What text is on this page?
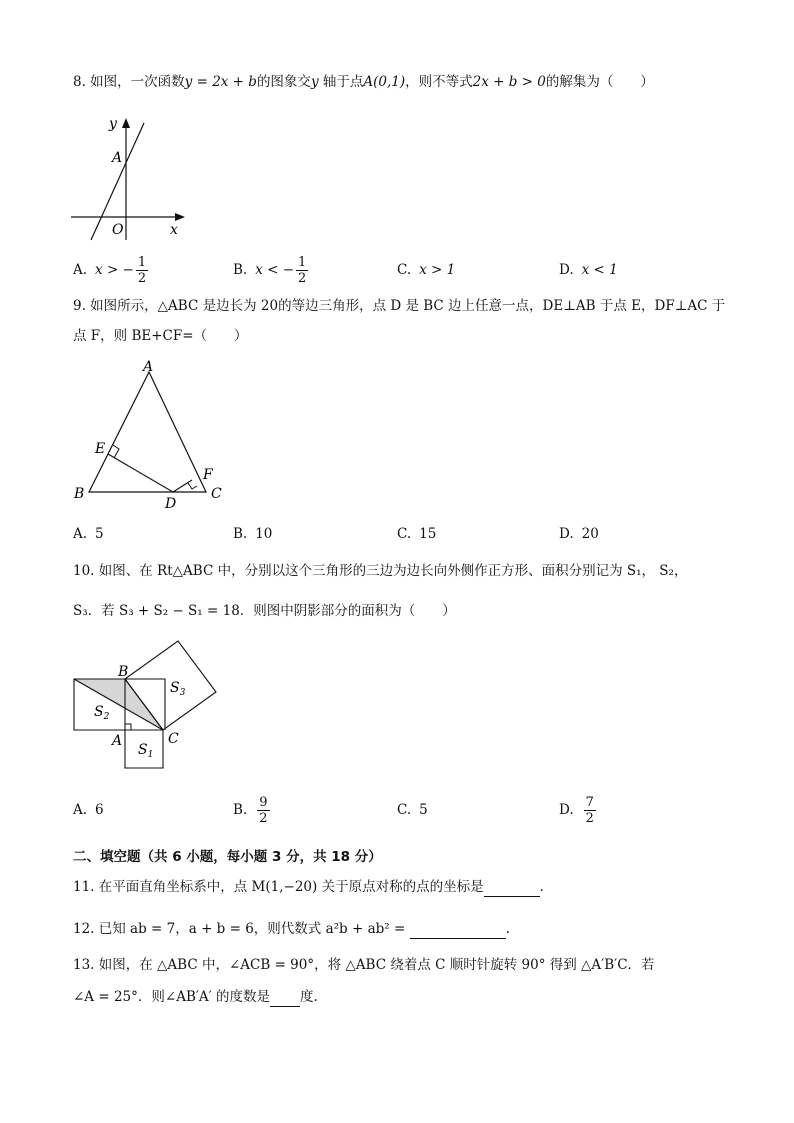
8. 如图，一次函数y = 2x + b的图象交y 轴于点A(0,1)，则不等式2x + b > 0的解集为（　　）
y
x
O
A
A. x > − $\frac{1}{2}$	B. x < − $\frac{1}{2}$	C. x > 1	D. x < 1
9. 如图所示，△ABC 是边长为 20的等边三角形，点 D 是 BC 边上任意一点，DE⊥AB 于点 E，DF⊥AC 于
点 F，则 BE+CF=（　　）
A
B	C
D
E
F
A. 5	B. 10	C. 15	D. 20
10. 如图、在 Rt△ABC 中，分别以这个三角形的三边为边长向外侧作正方形、面积分别记为 S₁， S₂，
S₃．若 S₃ + S₂ − S₁ = 18．则图中阴影部分的面积为（　　）
B
A	C
$S_2$
$S_1$
$S_3$
A. 6	B. $\frac{9}{2}$	C. 5	D. $\frac{7}{2}$
二、填空题（共 6 小题，每小题 3 分，共 18 分）
11. 在平面直角坐标系中，点 M(1,−20) 关于原点对称的点的坐标是	．
12. 已知 ab = 7，a + b = 6，则代数式 a²b + ab² =	.
13. 如图，在 △ABC 中，∠ACB = 90°，将 △ABC 绕着点 C 顺时针旋转 90° 得到 △A′B′C．若
∠A = 25°．则∠AB′A′ 的度数是 度.
